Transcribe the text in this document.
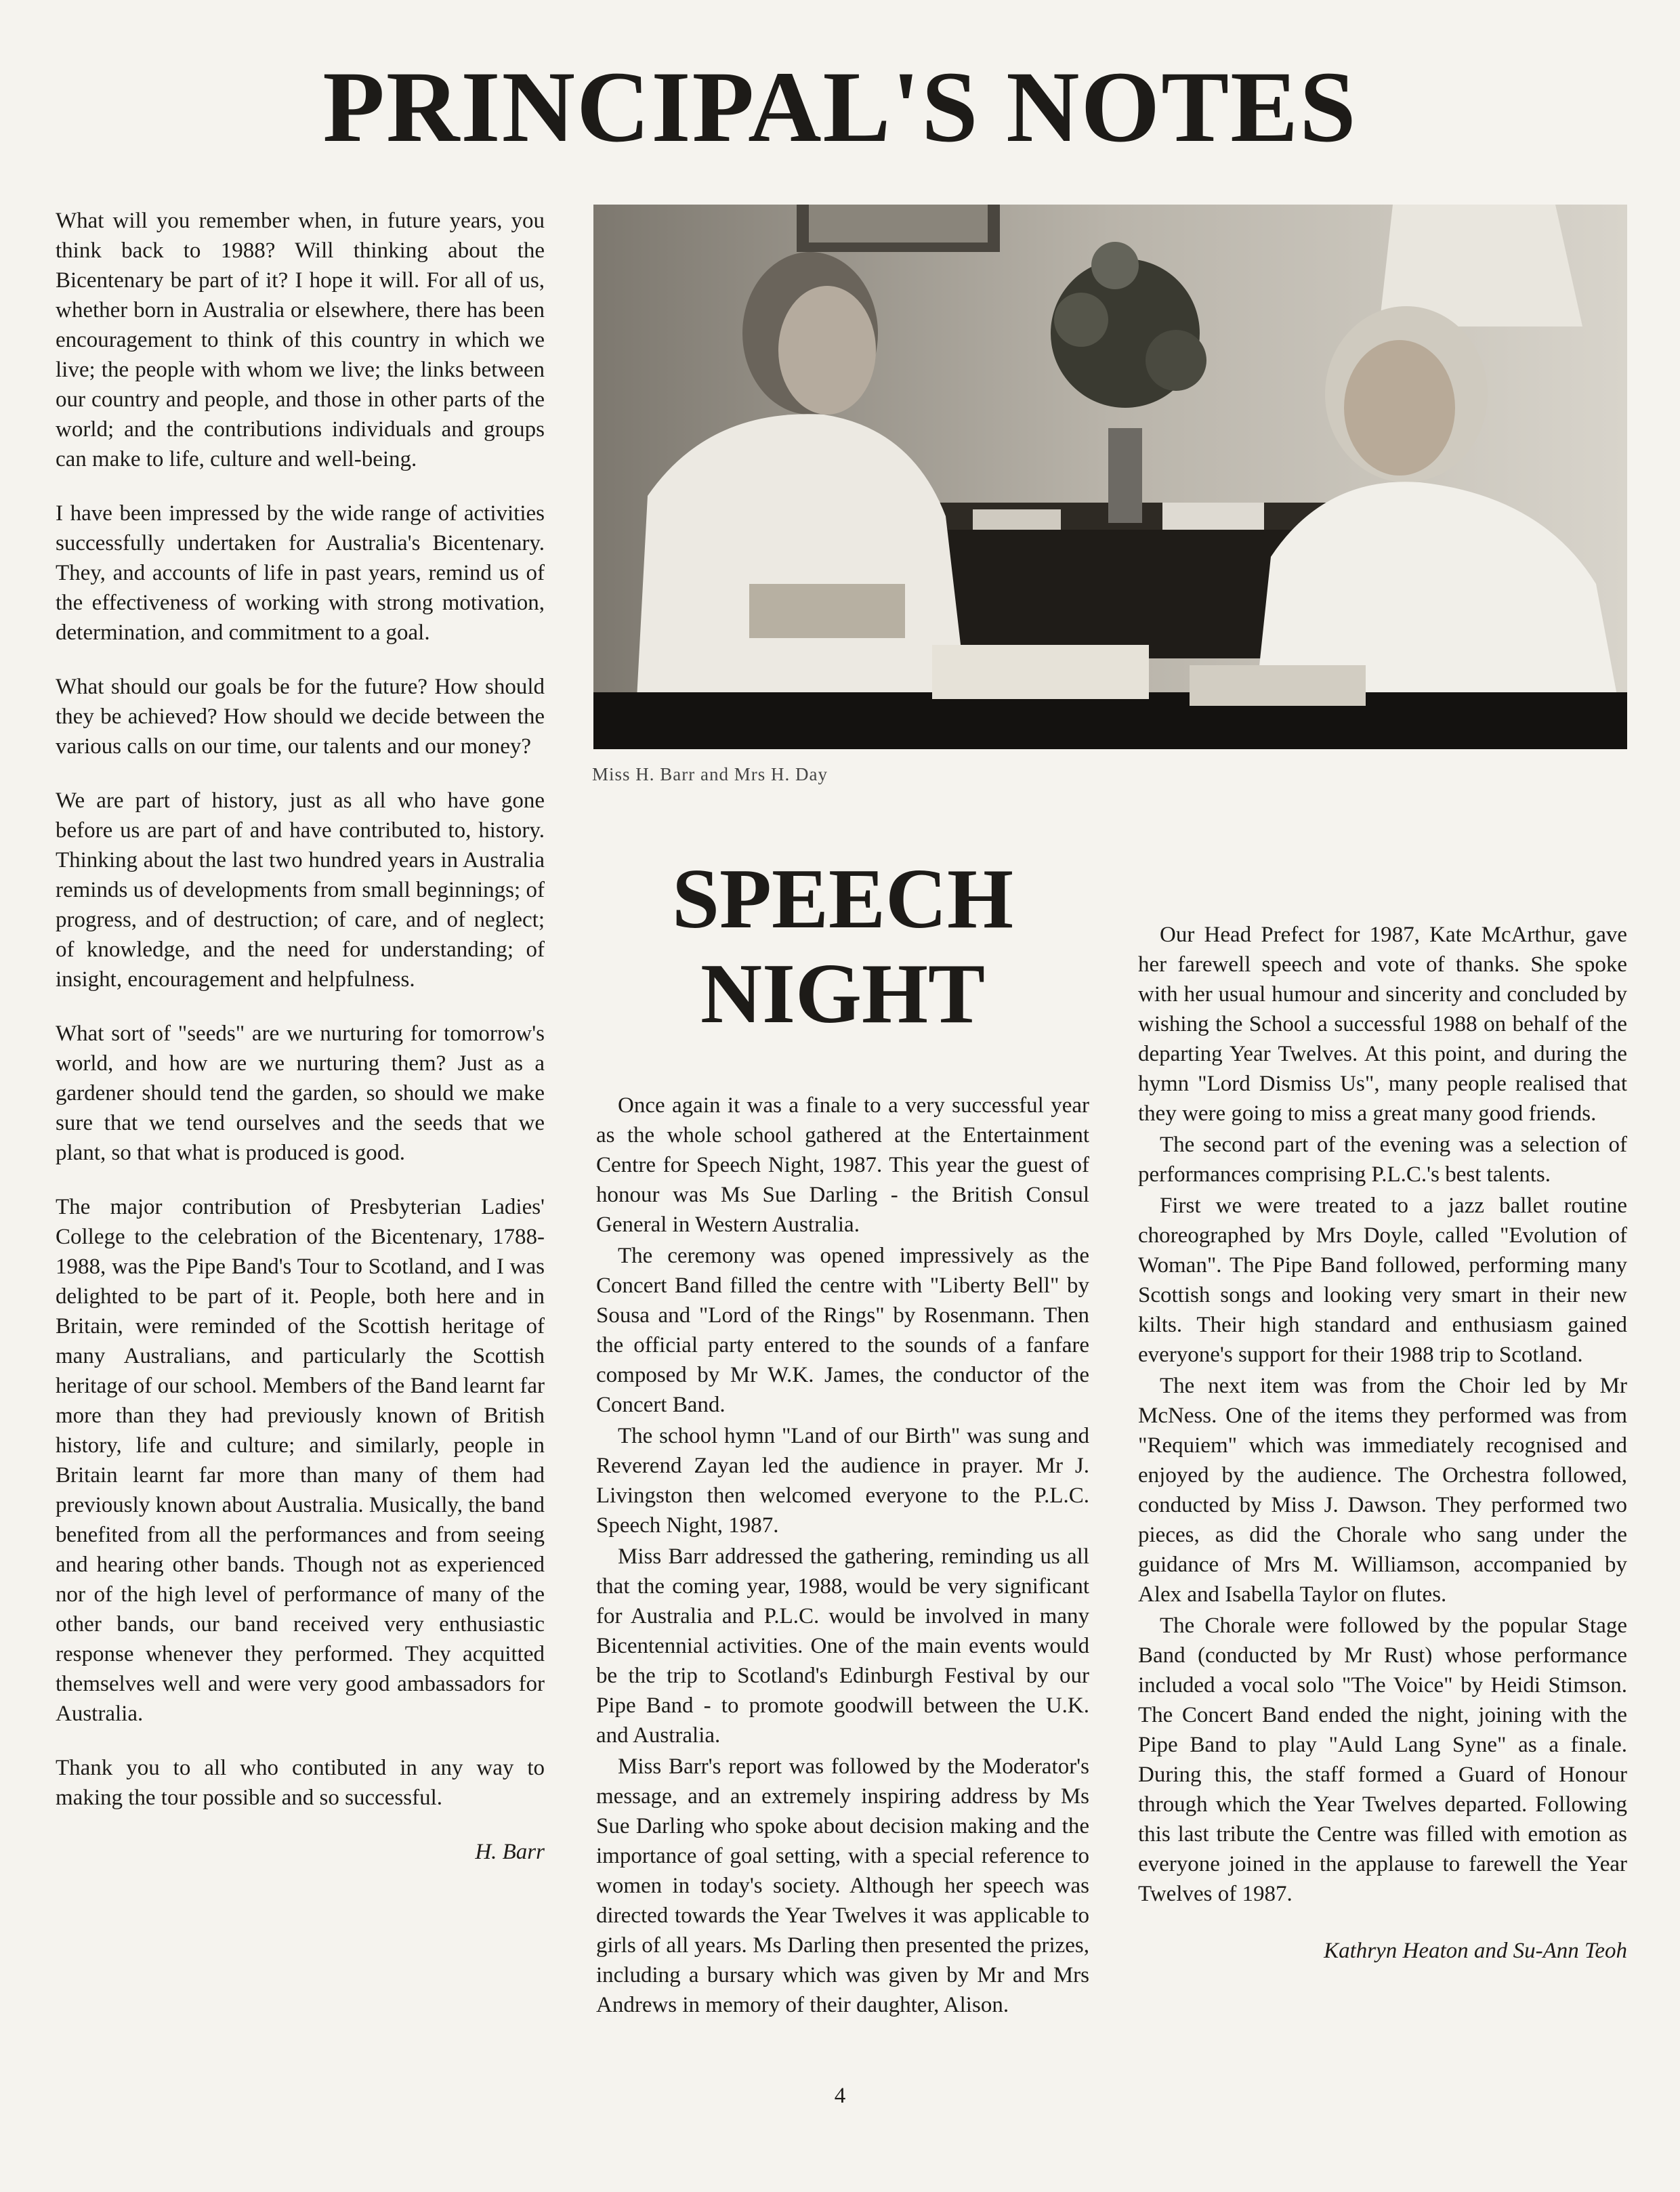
PRINCIPAL'S NOTES

What will you remember when, in future years, you think back to 1988? Will thinking about the Bicentenary be part of it? I hope it will. For all of us, whether born in Australia or elsewhere, there has been encouragement to think of this country in which we live; the people with whom we live; the links between our country and people, and those in other parts of the world; and the contributions individuals and groups can make to life, culture and well-being.

I have been impressed by the wide range of activities successfully undertaken for Australia's Bicentenary. They, and accounts of life in past years, remind us of the effectiveness of working with strong motivation, determination, and commitment to a goal.

What should our goals be for the future? How should they be achieved? How should we decide between the various calls on our time, our talents and our money?

We are part of history, just as all who have gone before us are part of and have contributed to, history. Thinking about the last two hundred years in Australia reminds us of developments from small beginnings; of progress, and of destruction; of care, and of neglect; of knowledge, and the need for understanding; of insight, encouragement and helpfulness.

What sort of "seeds" are we nurturing for tomorrow's world, and how are we nurturing them? Just as a gardener should tend the garden, so should we make sure that we tend ourselves and the seeds that we plant, so that what is produced is good.

The major contribution of Presbyterian Ladies' College to the celebration of the Bicentenary, 1788-1988, was the Pipe Band's Tour to Scotland, and I was delighted to be part of it. People, both here and in Britain, were reminded of the Scottish heritage of many Australians, and particularly the Scottish heritage of our school. Members of the Band learnt far more than they had previously known of British history, life and culture; and similarly, people in Britain learnt far more than many of them had previously known about Australia. Musically, the band benefited from all the performances and from seeing and hearing other bands. Though not as experienced nor of the high level of performance of many of the other bands, our band received very enthusiastic response whenever they performed. They acquitted themselves well and were very good ambassadors for Australia.

Thank you to all who contibuted in any way to making the tour possible and so successful.

H. Barr

Miss H. Barr and Mrs H. Day
SPEECH
NIGHT

Once again it was a finale to a very successful year as the whole school gathered at the Entertainment Centre for Speech Night, 1987. This year the guest of honour was Ms Sue Darling - the British Consul General in Western Australia.

The ceremony was opened impressively as the Concert Band filled the centre with "Liberty Bell" by Sousa and "Lord of the Rings" by Rosenmann. Then the official party entered to the sounds of a fanfare composed by Mr W.K. James, the conductor of the Concert Band.

The school hymn "Land of our Birth" was sung and Reverend Zayan led the audience in prayer. Mr J. Livingston then welcomed everyone to the P.L.C. Speech Night, 1987.

Miss Barr addressed the gathering, reminding us all that the coming year, 1988, would be very significant for Australia and P.L.C. would be involved in many Bicentennial activities. One of the main events would be the trip to Scotland's Edinburgh Festival by our Pipe Band - to promote goodwill between the U.K. and Australia.

Miss Barr's report was followed by the Moderator's message, and an extremely inspiring address by Ms Sue Darling who spoke about decision making and the importance of goal setting, with a special reference to women in today's society. Although her speech was directed towards the Year Twelves it was applicable to girls of all years. Ms Darling then presented the prizes, including a bursary which was given by Mr and Mrs Andrews in memory of their daughter, Alison.

Our Head Prefect for 1987, Kate McArthur, gave her farewell speech and vote of thanks. She spoke with her usual humour and sincerity and concluded by wishing the School a successful 1988 on behalf of the departing Year Twelves. At this point, and during the hymn "Lord Dismiss Us", many people realised that they were going to miss a great many good friends.

The second part of the evening was a selection of performances comprising P.L.C.'s best talents.

First we were treated to a jazz ballet routine choreographed by Mrs Doyle, called "Evolution of Woman". The Pipe Band followed, performing many Scottish songs and looking very smart in their new kilts. Their high standard and enthusiasm gained everyone's support for their 1988 trip to Scotland.

The next item was from the Choir led by Mr McNess. One of the items they performed was from "Requiem" which was immediately recognised and enjoyed by the audience. The Orchestra followed, conducted by Miss J. Dawson. They performed two pieces, as did the Chorale who sang under the guidance of Mrs M. Williamson, accompanied by Alex and Isabella Taylor on flutes.

The Chorale were followed by the popular Stage Band (conducted by Mr Rust) whose performance included a vocal solo "The Voice" by Heidi Stimson. The Concert Band ended the night, joining with the Pipe Band to play "Auld Lang Syne" as a finale. During this, the staff formed a Guard of Honour through which the Year Twelves departed. Following this last tribute the Centre was filled with emotion as everyone joined in the applause to farewell the Year Twelves of 1987.

Kathryn Heaton and Su-Ann Teoh

4
